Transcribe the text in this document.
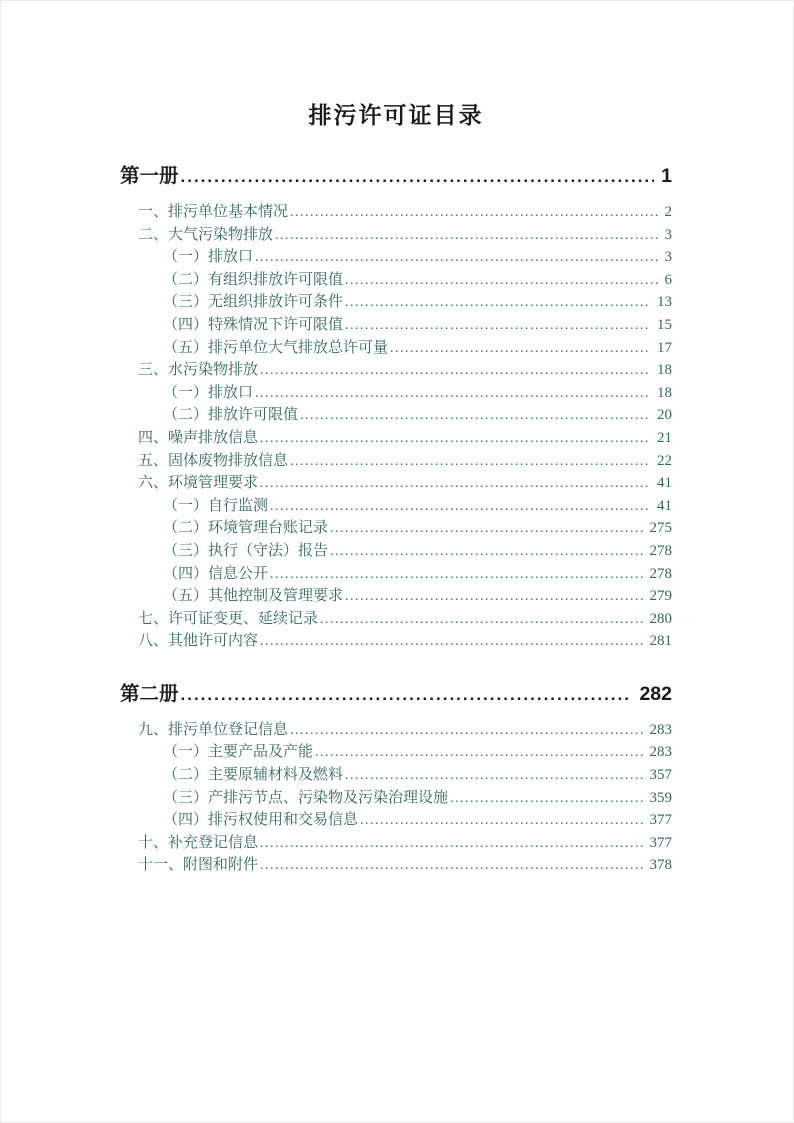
排污许可证目录
第一册 .....	1
一、排污单位基本情况 .....	2
二、大气污染物排放 .....	3
（一）排放口 .....	3
（二）有组织排放许可限值 .....	6
（三）无组织排放许可条件 .....	13
（四）特殊情况下许可限值 .....	15
（五）排污单位大气排放总许可量 .....	17
三、水污染物排放 .....	18
（一）排放口 .....	18
（二）排放许可限值 .....	20
四、噪声排放信息 .....	21
五、固体废物排放信息 .....	22
六、环境管理要求 .....	41
（一）自行监测 .....	41
（二）环境管理台账记录 .....	275
（三）执行（守法）报告 .....	278
（四）信息公开 .....	278
（五）其他控制及管理要求 .....	279
七、许可证变更、延续记录 .....	280
八、其他许可内容 .....	281
第二册 .....	282
九、排污单位登记信息 .....	283
（一）主要产品及产能 .....	283
（二）主要原辅材料及燃料 .....	357
（三）产排污节点、污染物及污染治理设施 .....	359
（四）排污权使用和交易信息 .....	377
十、补充登记信息 .....	377
十一、附图和附件 .....	378
